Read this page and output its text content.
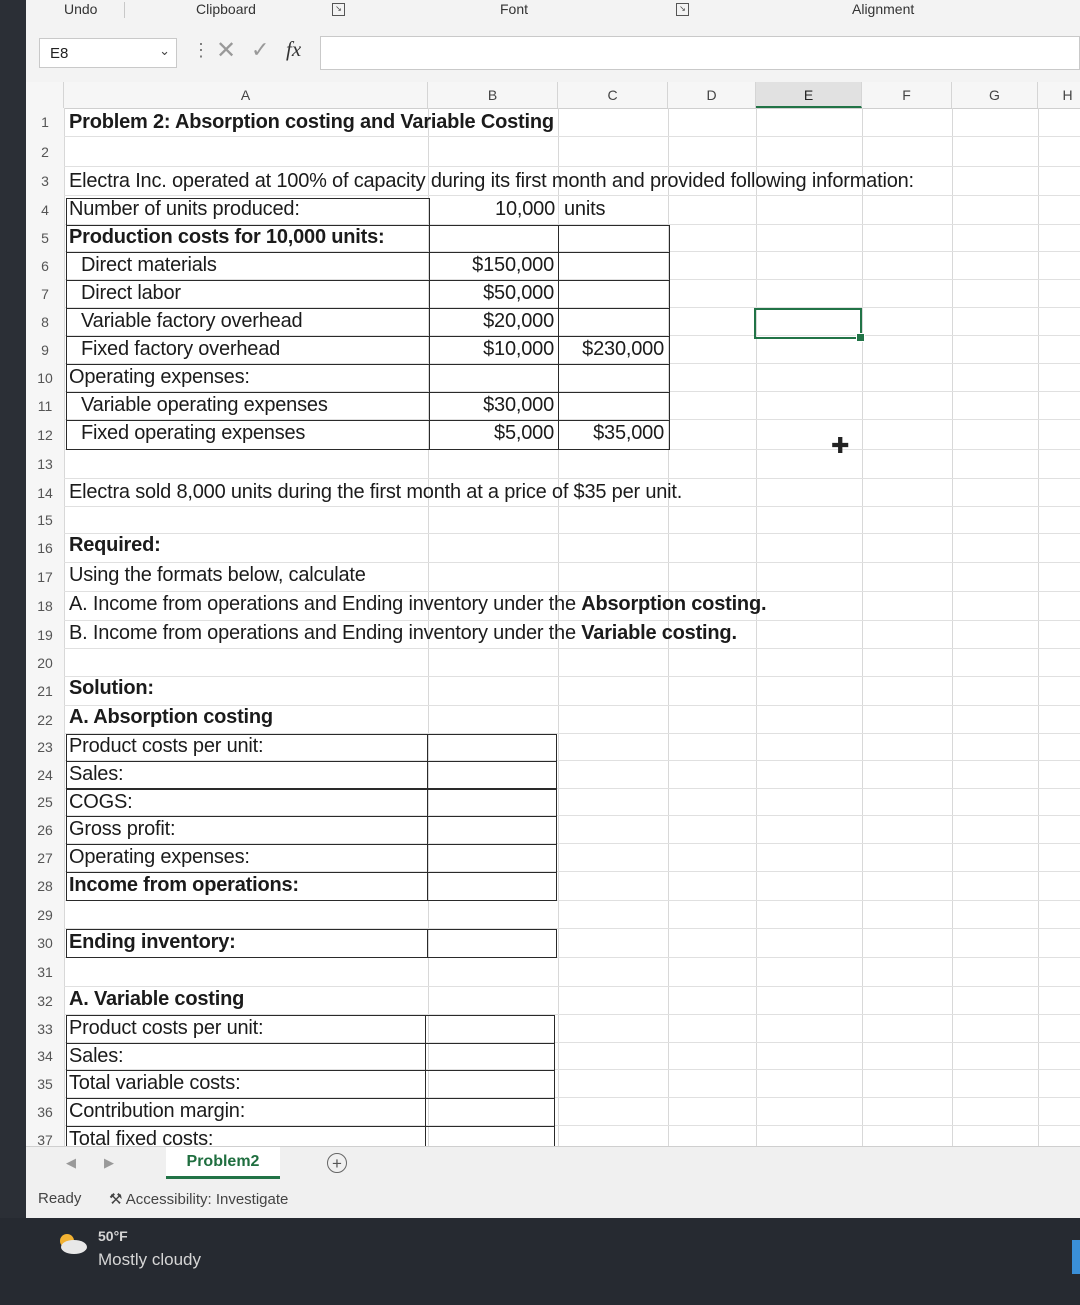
Undo	Clipboard	↘	Font	↘	Alignment
E8	⌄ ⋮ ✕ ✓ fx
A	B	C	D	E	F	G	H
1
2
3
4
5
6
7
8
9
10
11
12
13
14
15
16
17
18
19
20
21
22
23
24
25
26
27
28
29
30
31
32
33
34
35
36
37
✚
Problem 2: Absorption costing and Variable Costing
Electra Inc. operated at 100% of capacity during its first month and provided following information:
Number of units produced:	10,000 units
Production costs for 10,000 units:
Direct materials	$150,000
Direct labor	$50,000
Variable factory overhead	$20,000
Fixed factory overhead	$10,000	$230,000
Operating expenses:
Variable operating expenses	$30,000
Fixed operating expenses	$5,000	$35,000
Electra sold 8,000 units during the first month at a price of $35 per unit.
Required:
Using the formats below, calculate
A. Income from operations and Ending inventory under the Absorption costing.
B. Income from operations and Ending inventory under the Variable costing.
Solution:
A. Absorption costing
Product costs per unit:
Sales:
COGS:
Gross profit:
Operating expenses:
Income from operations:
Ending inventory:
A. Variable costing
Product costs per unit:
Sales:
Total variable costs:
Contribution margin:
Total fixed costs:
◀ ▶	Problem2	+
Ready ⚒ Accessibility: Investigate
50°F
Mostly cloudy
